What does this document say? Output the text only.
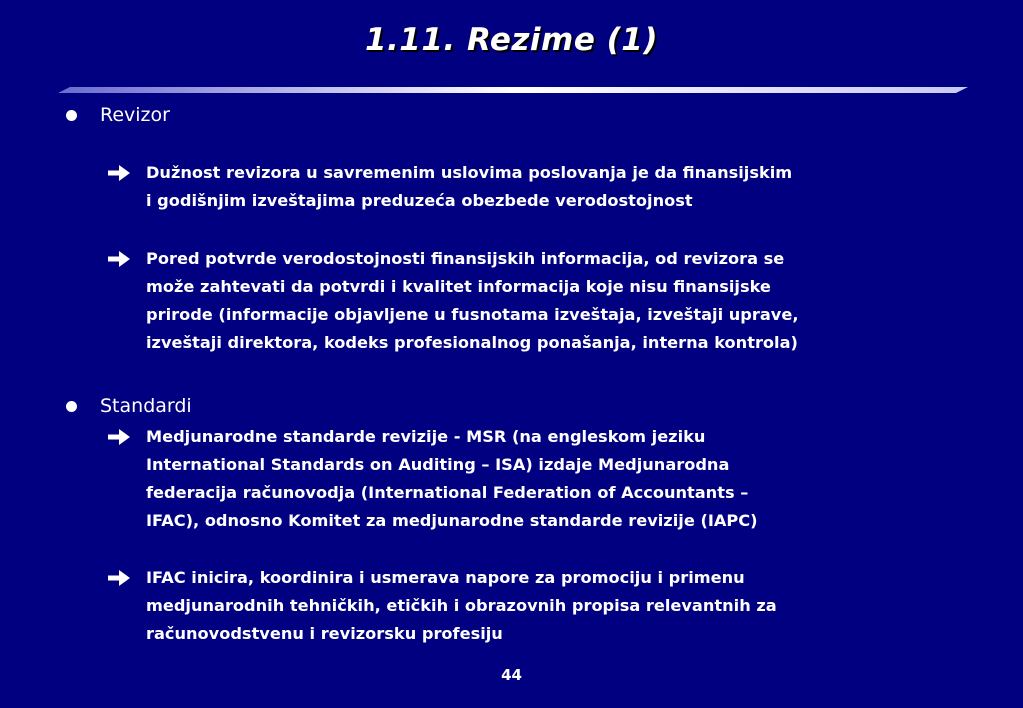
1.11. Rezime (1)
Revizor
Dužnost revizora u savremenim uslovima poslovanja je da finansijskim
i godišnjim izveštajima preduzeća obezbede verodostojnost
Pored potvrde verodostojnosti finansijskih informacija, od revizora se
može zahtevati da potvrdi i kvalitet informacija koje nisu finansijske
prirode (informacije objavljene u fusnotama izveštaja, izveštaji uprave,
izveštaji direktora, kodeks profesionalnog ponašanja, interna kontrola)
Standardi
Medjunarodne standarde revizije - MSR (na engleskom jeziku
International Standards on Auditing – ISA) izdaje Medjunarodna
federacija računovodja (International Federation of Accountants –
IFAC), odnosno Komitet za medjunarodne standarde revizije (IAPC)
IFAC inicira, koordinira i usmerava napore za promociju i primenu
medjunarodnih tehničkih, etičkih i obrazovnih propisa relevantnih za
računovodstvenu i revizorsku profesiju
44
